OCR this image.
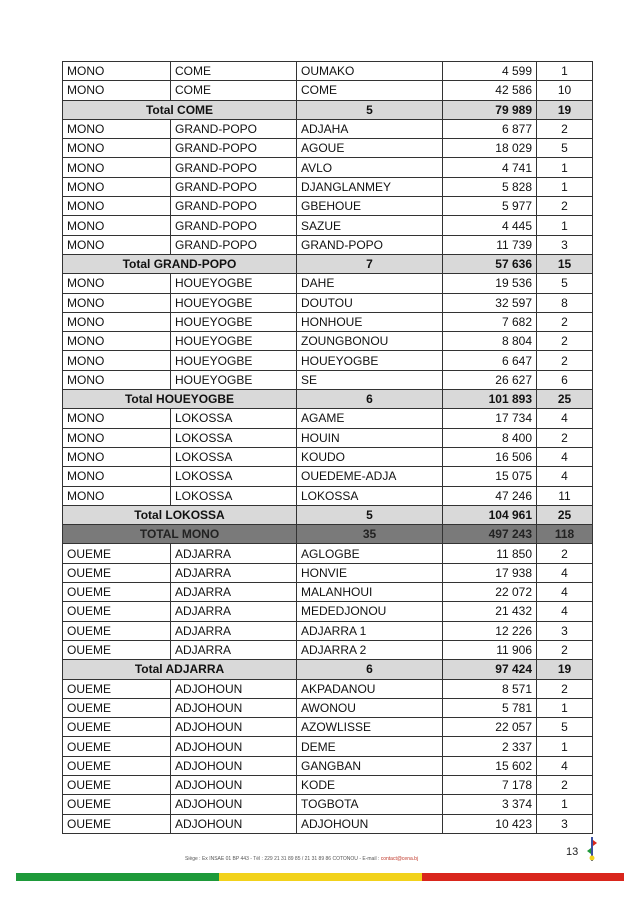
MONO	COME	OUMAKO	4 599	1
MONO	COME	COME	42 586	10
Total COME		5	79 989	19
MONO	GRAND-POPO	ADJAHA	6 877	2
MONO	GRAND-POPO	AGOUE	18 029	5
MONO	GRAND-POPO	AVLO	4 741	1
MONO	GRAND-POPO	DJANGLANMEY	5 828	1
MONO	GRAND-POPO	GBEHOUE	5 977	2
MONO	GRAND-POPO	SAZUE	4 445	1
MONO	GRAND-POPO	GRAND-POPO	11 739	3
Total GRAND-POPO		7	57 636	15
MONO	HOUEYOGBE	DAHE	19 536	5
MONO	HOUEYOGBE	DOUTOU	32 597	8
MONO	HOUEYOGBE	HONHOUE	7 682	2
MONO	HOUEYOGBE	ZOUNGBONOU	8 804	2
MONO	HOUEYOGBE	HOUEYOGBE	6 647	2
MONO	HOUEYOGBE	SE	26 627	6
Total HOUEYOGBE		6	101 893	25
MONO	LOKOSSA	AGAME	17 734	4
MONO	LOKOSSA	HOUIN	8 400	2
MONO	LOKOSSA	KOUDO	16 506	4
MONO	LOKOSSA	OUEDEME-ADJA	15 075	4
MONO	LOKOSSA	LOKOSSA	47 246	11
Total LOKOSSA		5	104 961	25
TOTAL MONO		35	497 243	118
OUEME	ADJARRA	AGLOGBE	11 850	2
OUEME	ADJARRA	HONVIE	17 938	4
OUEME	ADJARRA	MALANHOUI	22 072	4
OUEME	ADJARRA	MEDEDJONOU	21 432	4
OUEME	ADJARRA	ADJARRA 1	12 226	3
OUEME	ADJARRA	ADJARRA 2	11 906	2
Total ADJARRA		6	97 424	19
OUEME	ADJOHOUN	AKPADANOU	8 571	2
OUEME	ADJOHOUN	AWONOU	5 781	1
OUEME	ADJOHOUN	AZOWLISSE	22 057	5
OUEME	ADJOHOUN	DEME	2 337	1
OUEME	ADJOHOUN	GANGBAN	15 602	4
OUEME	ADJOHOUN	KODE	7 178	2
OUEME	ADJOHOUN	TOGBOTA	3 374	1
OUEME	ADJOHOUN	ADJOHOUN	10 423	3
13
Siège : Ex INSAE 01 BP 443 - Tél : 229 21 31 89 85 / 21 31 89 86 COTONOU - E-mail : contact@cena.bj
